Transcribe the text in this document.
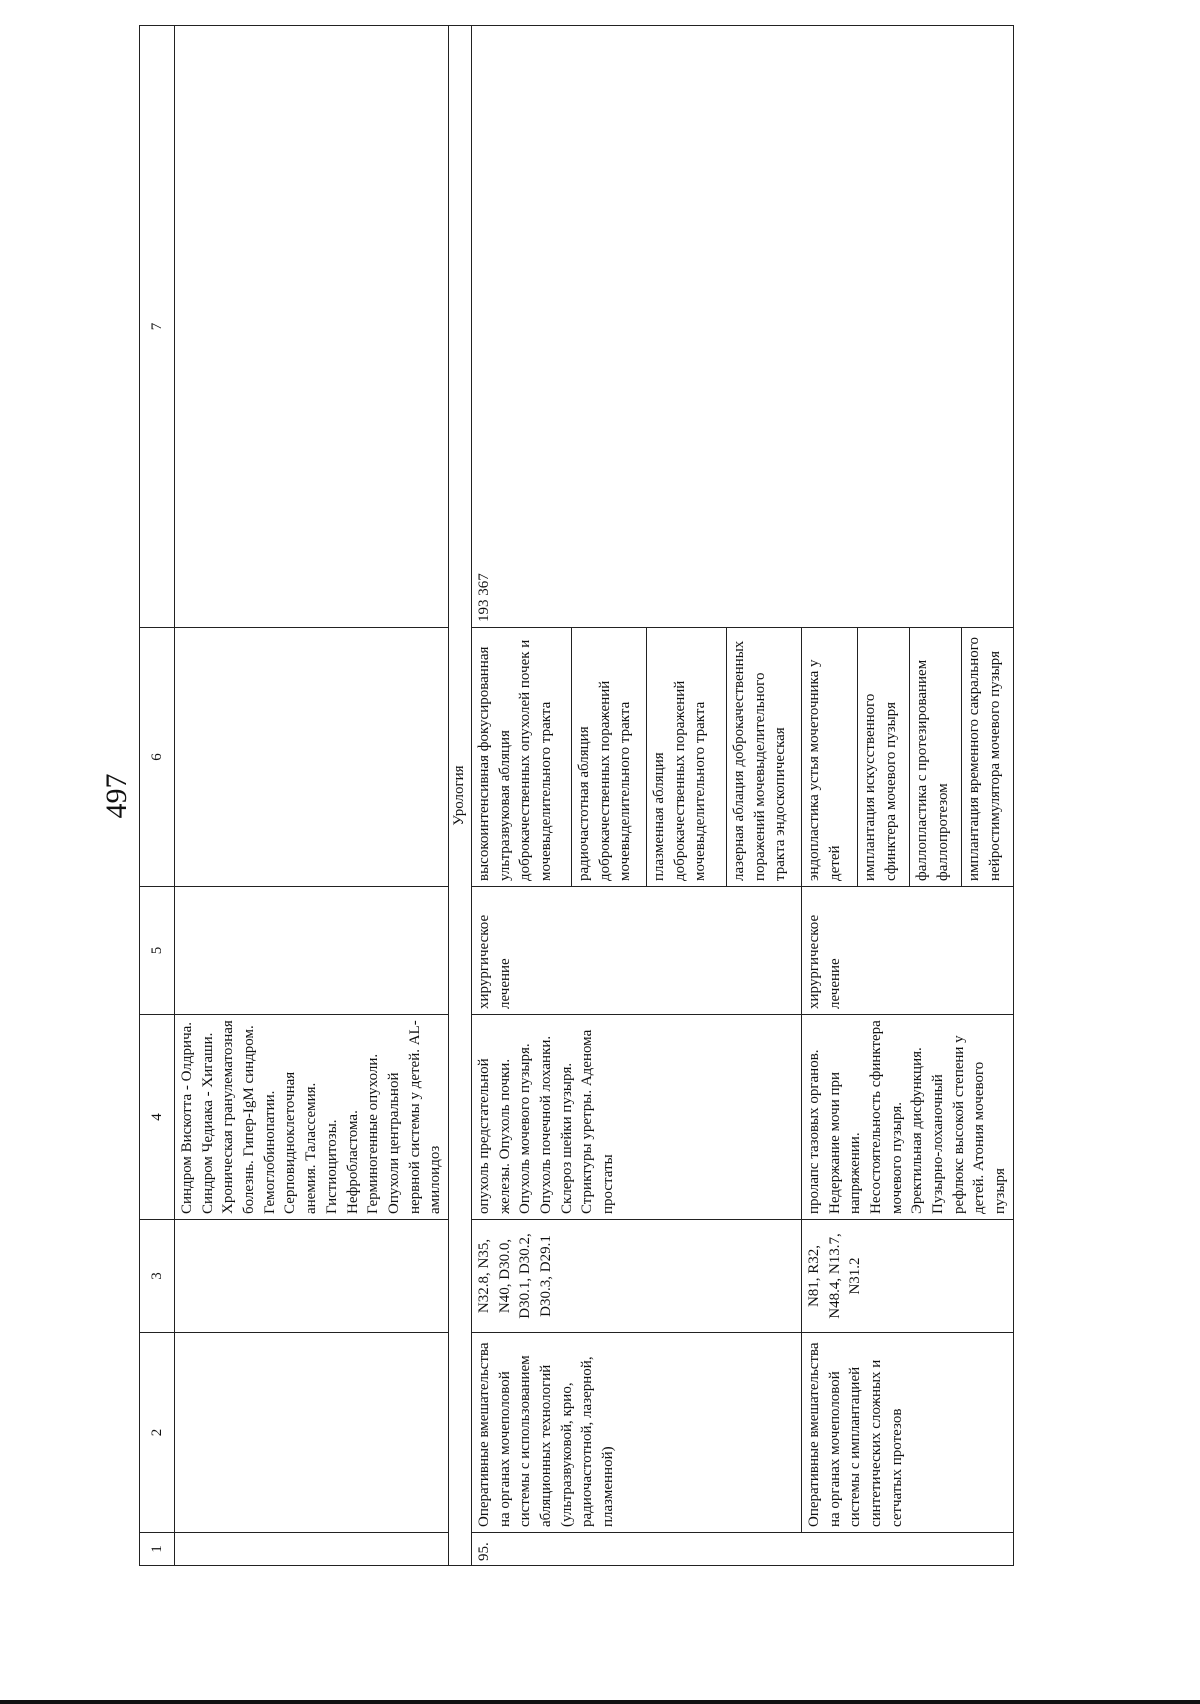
497
1	2	3	4	5	6	7
			Синдром Вискотта - Олдрича. Синдром Чедиака - Хигаши. Хроническая гранулематозная болезнь. Гипер-IgM синдром. Гемоглобинопатии. Серповидноклеточная анемия. Талассемия. Гистиоцитозы. Нефробластома. Герминогенные опухоли. Опухоли центральной нервной системы у детей. AL-амилоидоз			
Урология						
95.	Оперативные вмешательства на органах мочеполовой системы с использованием абляционных технологий (ультразвуковой, крио, радиочастотной, лазерной, плазменной)	N32.8, N35, N40, D30.0, D30.1, D30.2, D30.3, D29.1	опухоль предстательной железы. Опухоль почки. Опухоль мочевого пузыря. Опухоль почечной лоханки. Склероз шейки пузыря. Стриктуры уретры. Аденома простаты	хирургическое лечение	высокоинтенсивная фокусированная ультразвуковая абляция доброкачественных опухолей почек и мочевыделительного тракта	193 367
					радиочастотная абляция доброкачественных поражений мочевыделительного тракта	
					плазменная абляция доброкачественных поражений мочевыделительного тракта	
					лазерная аблация доброкачественных поражений мочевыделительного тракта эндоскопическая	
	Оперативные вмешательства на органах мочеполовой системы с имплантацией синтетических сложных и сетчатых протезов	N81, R32, N48.4, N13.7, N31.2	пролапс тазовых органов. Недержание мочи при напряжении. Несостоятельность сфинктера мочевого пузыря. Эректильная дисфункция. Пузырно-лоханочный рефлюкс высокой степени у детей. Атония мочевого пузыря	хирургическое лечение	эндопластика устья мочеточника у детей	
					имплантация искусственного сфинктера мочевого пузыря	
					фаллопластика с протезированием фаллопротезом	
					имплантация временного сакрального нейростимулятора мочевого пузыря	
